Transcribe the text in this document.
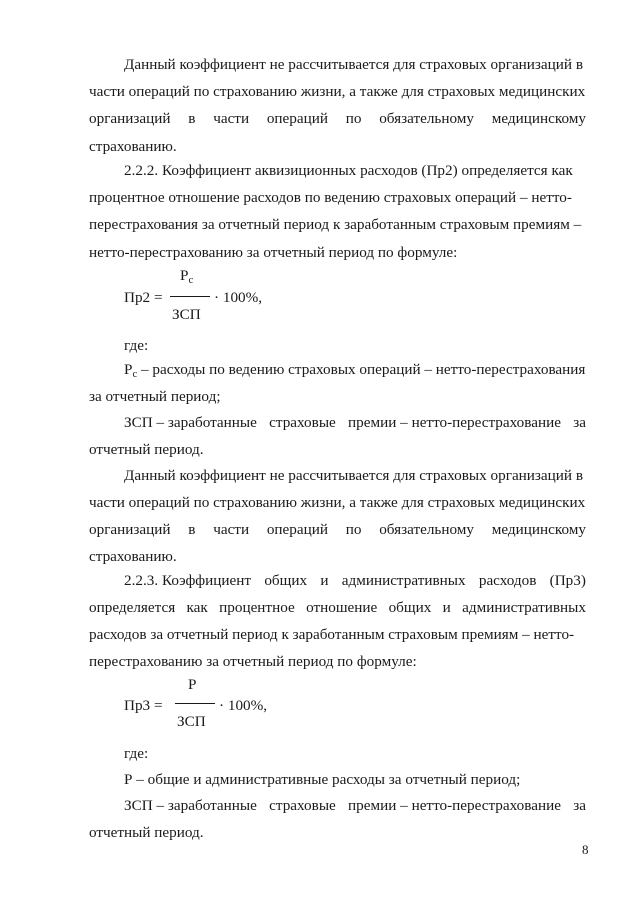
Данный коэффициент не рассчитывается для страховых организаций в
части операций по страхованию жизни, а также для страховых медицинских
организаций в части операций по обязательному медицинскому
страхованию.
2.2.2. Коэффициент аквизиционных расходов (Пр2) определяется как
процентное отношение расходов по ведению страховых операций – нетто-
перестрахования за отчетный период к заработанным страховым премиям –
нетто-перестрахованию за отчетный период по формуле:
Пр2 =
$Р_с$
ЗСП
· 100%,
где:
$Р_с$ – расходы по ведению страховых операций – нетто-перестрахования
за отчетный период;
ЗСП – заработанные страховые премии – нетто-перестрахование за
отчетный период.
Данный коэффициент не рассчитывается для страховых организаций в
части операций по страхованию жизни, а также для страховых медицинских
организаций в части операций по обязательному медицинскому
страхованию.
2.2.3. Коэффициент общих и административных расходов (Пр3)
определяется как процентное отношение общих и административных
расходов за отчетный период к заработанным страховым премиям – нетто-
перестрахованию за отчетный период по формуле:
Пр3 =
Р
ЗСП
· 100%,
где:
Р – общие и административные расходы за отчетный период;
ЗСП – заработанные страховые премии – нетто-перестрахование за
отчетный период.
8
